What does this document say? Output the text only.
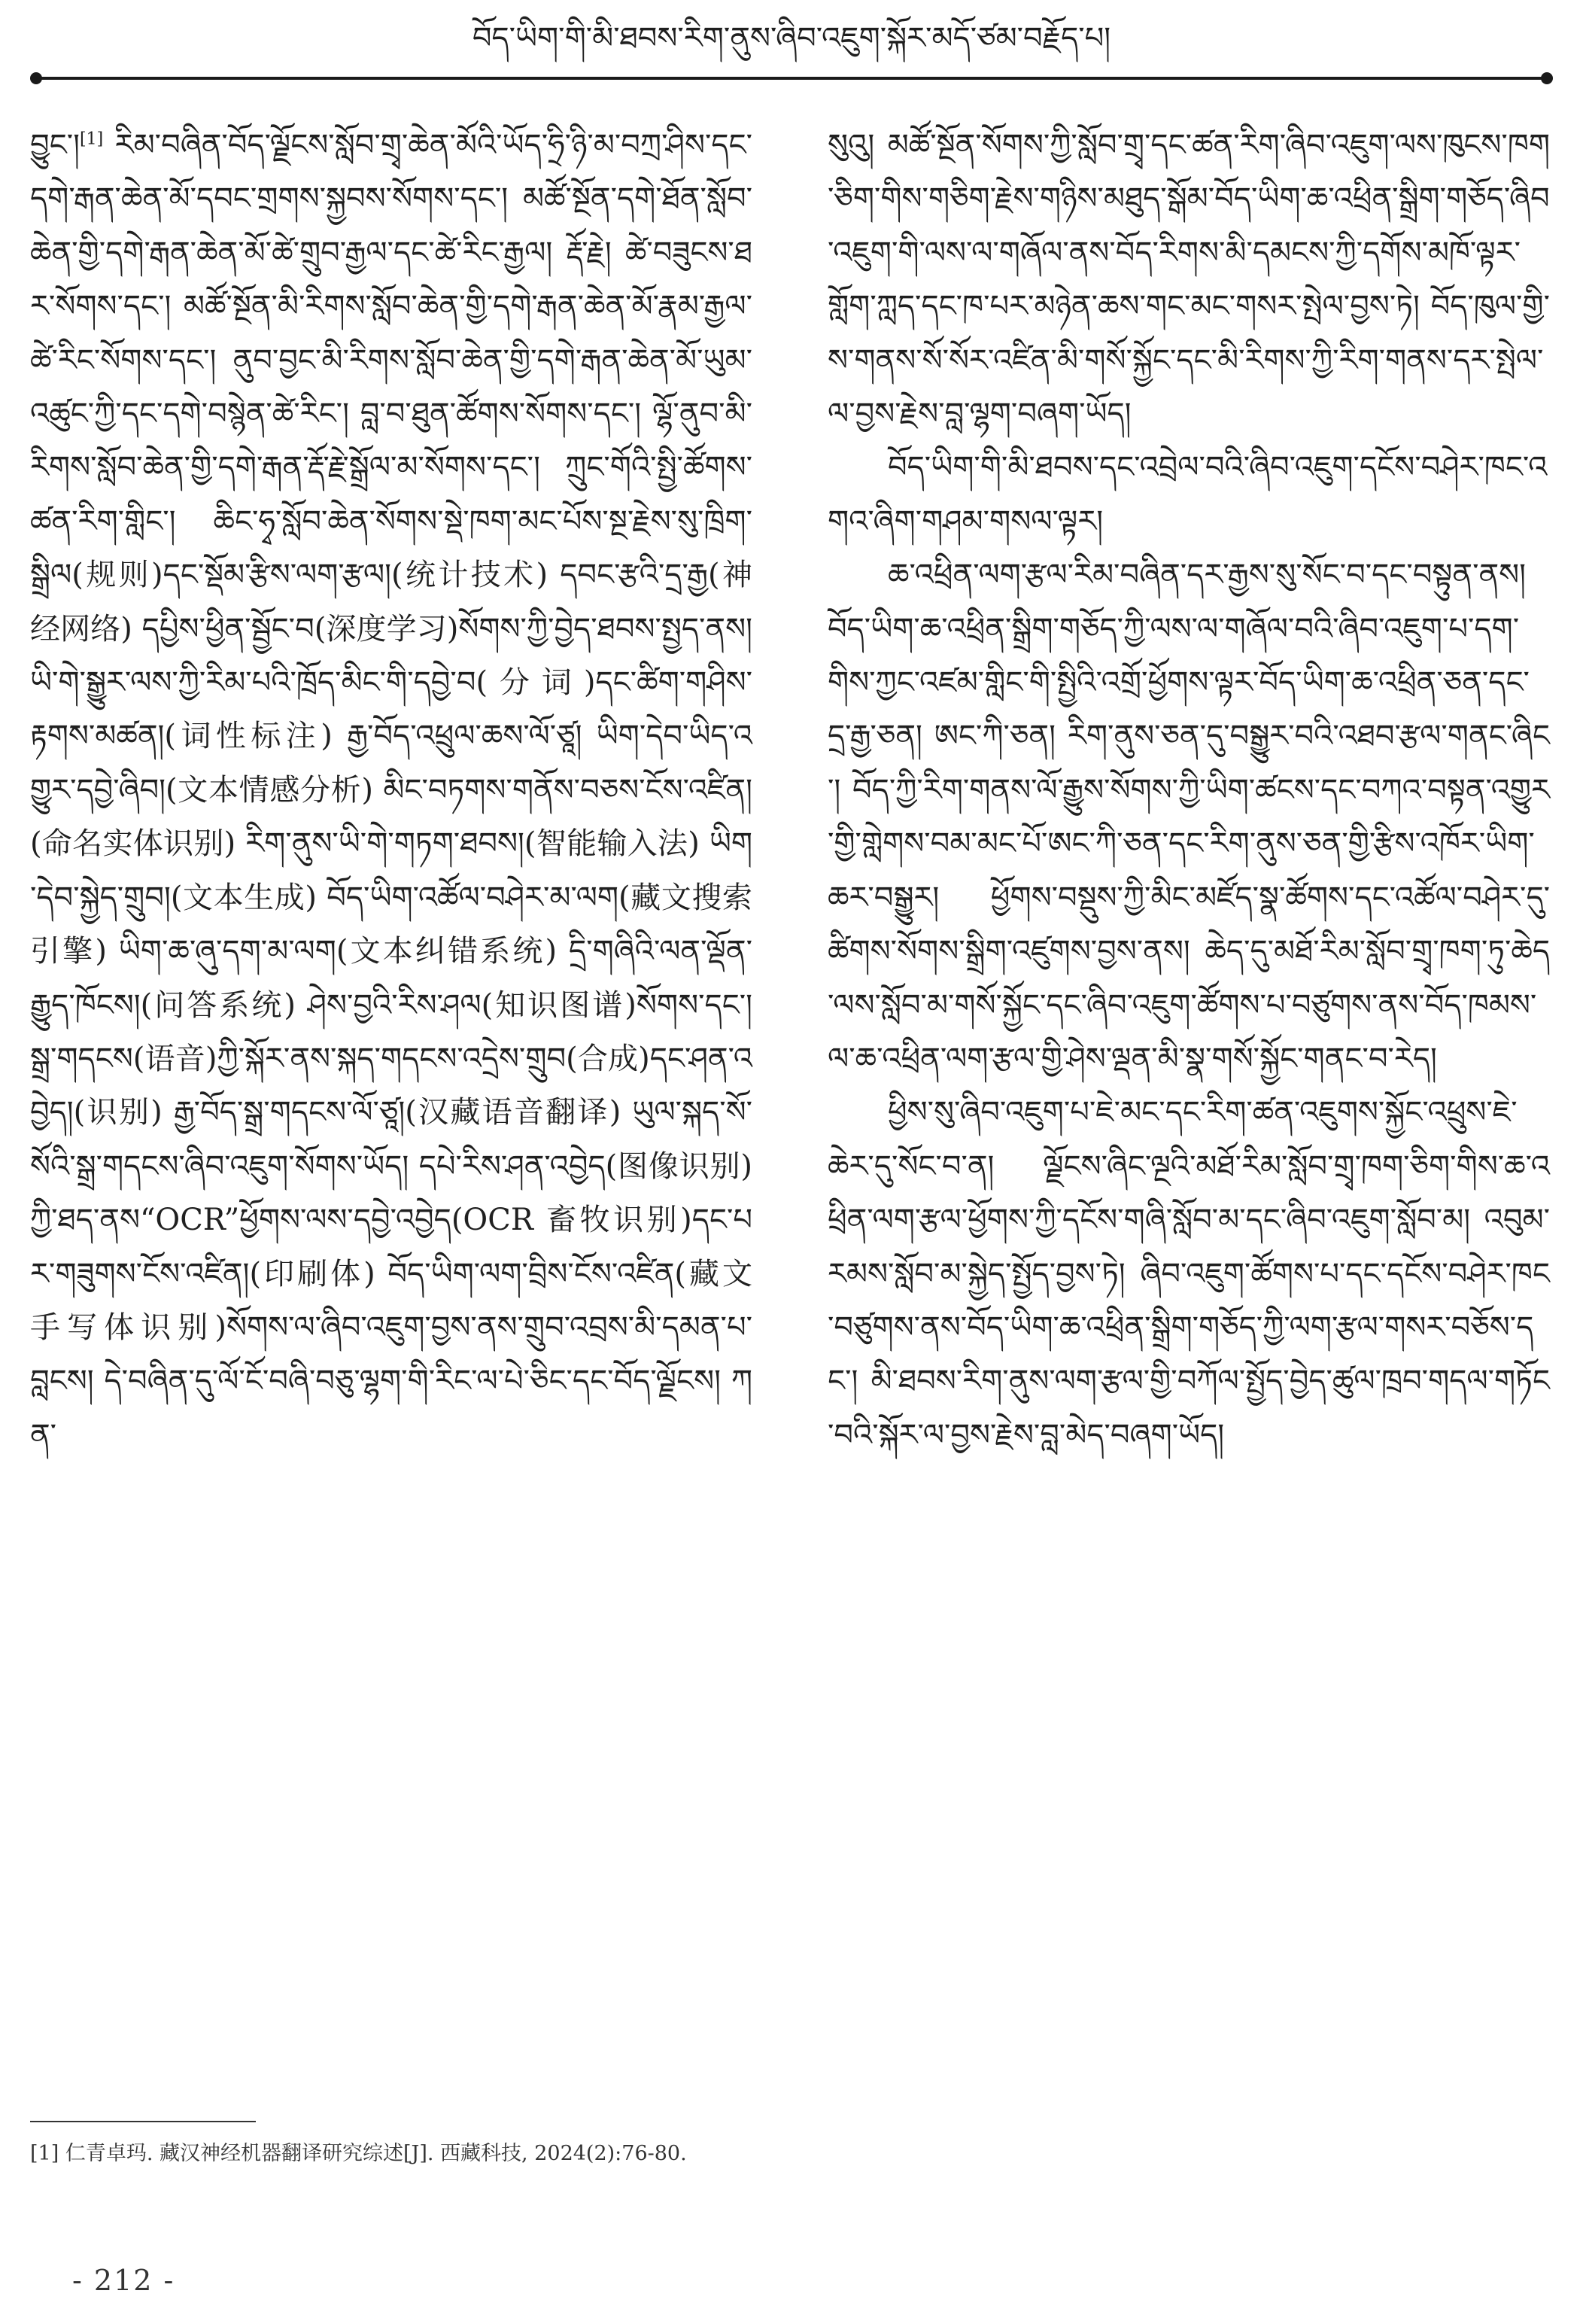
བོད་ཡིག་གི་མི་ཐབས་རིག་ནུས་ཞིབ་འཇུག་སྐོར་མདོ་ཙམ་བརྗོད་པ།

བྱུང་།[1] རིམ་བཞིན་བོད་ལྗོངས་སློབ་གྲྭ་ཆེན་མོའི་ཡོད་ཧྲི་ཉི་མ་བཀྲ་ཤིས་དང་དགེ་རྒན་ཆེན་མོ་དབང་གྲགས་སྐྱབས་སོགས་དང་། མཚོ་སྔོན་དགེ་ཐོན་སློབ་ཆེན་གྱི་དགེ་རྒན་ཆེན་མོ་ཚེ་གྲུབ་རྒྱལ་དང་ཚེ་རིང་རྒྱལ། རྡོ་རྗེ། ཚེ་བཟུངས་ཐར་སོགས་དང་། མཚོ་སྔོན་མི་རིགས་སློབ་ཆེན་གྱི་དགེ་རྒན་ཆེན་མོ་རྣམ་རྒྱལ་ཚེ་རིང་སོགས་དང་། ནུབ་བྱང་མི་རིགས་སློབ་ཆེན་གྱི་དགེ་རྒན་ཆེན་མོ་ཡུམ་འཚུང་ཀྱི་དང་དགེ་བསྙེན་ཚེ་རིང་། བླ་བ་ཐུན་ཚོགས་སོགས་དང་། ལྷོ་ནུབ་མི་རིགས་སློབ་ཆེན་གྱི་དགེ་རྒན་རྡོ་རྗེ་སྒྲོལ་མ་སོགས་དང་། ཀྲུང་གོའི་སྤྱི་ཚོགས་ཚན་རིག་གླིང་། ཆིང་ཧྭ་སློབ་ཆེན་སོགས་སྡེ་ཁག་མང་པོས་སྔ་རྗེས་སུ་ཁྲིག་སྒྲིལ(规则)དང་སྡོམ་རྩིས་ལག་རྩལ།(统计技术) དབང་རྩའི་དྲ་རྒྱ(神经网络) དཔྱིས་ཕྱིན་སྦྱོང་བ(深度学习)སོགས་ཀྱི་བྱེད་ཐབས་སྤྱད་ནས། ཡི་གེ་སྒྱུར་ལས་ཀྱི་རིམ་པའི་ཁྲོད་མིང་གི་དབྱེ་བ(分词)དང་ཚིག་གཤིས་རྟགས་མཚན།(词性标注) རྒྱ་བོད་འཕྲུལ་ཆས་ལོ་ཙཱ། ཡིག་དེབ་ཡིད་འགྱུར་དབྱེ་ཞིབ།(文本情感分析) མིང་བཏགས་གནོས་བཅས་ངོས་འཛིན།(命名实体识别) རིག་ནུས་ཡི་གེ་གཏག་ཐབས།(智能输入法) ཡིག་དེབ་སྐྱེད་གྲུབ།(文本生成) བོད་ཡིག་འཚོལ་བཤེར་མ་ལག(藏文搜索引擎) ཡིག་ཆ་ཞུ་དག་མ་ལག(文本纠错系统) དྲི་གཞིའི་ལན་ལྡོན་རྒྱུད་ཁོངས།(问答系统) ཤེས་བྱའི་རིས་ཤལ(知识图谱)སོགས་དང་། སྒྲ་གདངས(语音)ཀྱི་སྐོར་ནས་སྐད་གདངས་འདྲེས་གྲུབ(合成)དང་ཤན་འབྱེད།(识别) རྒྱ་བོད་སྒྲ་གདངས་ལོ་ཙཱ།(汉藏语音翻译) ཡུལ་སྐད་སོ་སོའི་སྒྲ་གདངས་ཞིབ་འཇུག་སོགས་ཡོད། དཔེ་རིས་ཤན་འབྱེད(图像识别)ཀྱི་ཐད་ནས“OCR”ཕྱོགས་ལས་དབྱེ་འབྱེད(OCR 畜牧识别)དང་པར་གཟུགས་ངོས་འཛིན།(印刷体) བོད་ཡིག་ལག་བྲིས་ངོས་འཛིན(藏文手写体识别)སོགས་ལ་ཞིབ་འཇུག་བྱས་ནས་གྲུབ་འབྲས་མི་དམན་པ་བླངས། དེ་བཞིན་དུ་ལོ་ངོ་བཞི་བཅུ་ལྷག་གི་རིང་ལ་པེ་ཅིང་དང་བོད་ལྗོངས། ཀན་

སུའུ། མཚོ་སྔོན་སོགས་ཀྱི་སློབ་གྲྭ་དང་ཚན་རིག་ཞིབ་འཇུག་ལས་ཁུངས་ཁག་ཅིག་གིས་གཅིག་རྗེས་གཉིས་མཐུད་སྒོམ་བོད་ཡིག་ཆ་འཕྲིན་སྒྲིག་གཅོད་ཞིབ་འཇུག་གི་ལས་ལ་གཞོལ་ནས་བོད་རིགས་མི་དམངས་ཀྱི་དགོས་མཁོ་ལྟར་གློག་ཀླད་དང་ཁ་པར་མཉེན་ཆས་གང་མང་གསར་སྤེལ་བྱས་ཏེ། བོད་ཁུལ་གྱི་ས་གནས་སོ་སོར་འཛིན་མི་གསོ་སྐྱོང་དང་མི་རིགས་ཀྱི་རིག་གནས་དར་སྤེལ་ལ་བྱས་རྗེས་བླ་ལྷག་བཞག་ཡོད།

བོད་ཡིག་གི་མི་ཐབས་དང་འབྲེལ་བའི་ཞིབ་འཇུག་དངོས་བཤེར་ཁང་འགའ་ཞིག་གཤམ་གསལ་ལྟར།

ཆ་འཕྲིན་ལག་རྩལ་རིམ་བཞིན་དར་རྒྱས་སུ་སོང་བ་དང་བསྟུན་ནས། བོད་ཡིག་ཆ་འཕྲིན་སྒྲིག་གཅོད་ཀྱི་ལས་ལ་གཞོལ་བའི་ཞིབ་འཇུག་པ་དག་གིས་ཀྱང་འཛམ་གླིང་གི་སྤྱིའི་འགྲོ་ཕྱོགས་ལྟར་བོད་ཡིག་ཆ་འཕྲིན་ཅན་དང་དྲ་རྒྱ་ཅན། ཨང་ཀི་ཅན། རིག་ནུས་ཅན་དུ་བསྒྱུར་བའི་འཐབ་རྩལ་གནང་ཞིང་། བོད་ཀྱི་རིག་གནས་ལོ་རྒྱུས་སོགས་ཀྱི་ཡིག་ཚངས་དང་བཀའ་བསྟན་འགྱུར་གྱི་གླེགས་བམ་མང་པོ་ཨང་ཀི་ཅན་དང་རིག་ནུས་ཅན་གྱི་རྩིས་འཁོར་ཡིག་ཆར་བསྒྱུར། ཕྱོགས་བསྡུས་ཀྱི་མིང་མཛོད་སྣ་ཚོགས་དང་འཚོལ་བཤེར་དུ་ཚིགས་སོགས་སྒྲིག་འཛུགས་བྱས་ནས། ཆེད་དུ་མཐོ་རིམ་སློབ་གྲྭ་ཁག་ཏུ་ཆེད་ལས་སློབ་མ་གསོ་སྐྱོང་དང་ཞིབ་འཇུག་ཚོགས་པ་བཙུགས་ནས་བོད་ཁམས་ལ་ཆ་འཕྲིན་ལག་རྩལ་གྱི་ཤེས་ལྡན་མི་སྣ་གསོ་སྐྱོང་གནང་བ་རེད།

ཕྱིས་སུ་ཞིབ་འཇུག་པ་ཇེ་མང་དང་རིག་ཚན་འཇུགས་སྐྱོང་འཕྲུས་ཇེ་ཆེར་དུ་སོང་བ་ན། ལྗོངས་ཞིང་ལྔའི་མཐོ་རིམ་སློབ་གྲྭ་ཁག་ཅིག་གིས་ཆ་འཕྲིན་ལག་རྩལ་ཕྱོགས་ཀྱི་དངོས་གཞི་སློབ་མ་དང་ཞིབ་འཇུག་སློབ་མ། འབུམ་རམས་སློབ་མ་སྐྱེད་སྤྱོད་བྱས་ཏེ། ཞིབ་འཇུག་ཚོགས་པ་དང་དངོས་བཤེར་ཁང་བཙུགས་ནས་བོད་ཡིག་ཆ་འཕྲིན་སྒྲིག་གཅོད་ཀྱི་ལག་རྩལ་གསར་བཅོས་དང་། མི་ཐབས་རིག་ནུས་ལག་རྩལ་གྱི་བཀོལ་སྤྱོད་བྱེད་ཚུལ་ཁྲབ་གདལ་གཏོང་བའི་སྐོར་ལ་བྱས་རྗེས་བླ་མེད་བཞག་ཡོད།

[1] 仁青卓玛. 藏汉神经机器翻译研究综述[J]. 西藏科技, 2024(2):76-80.
- 212 -
